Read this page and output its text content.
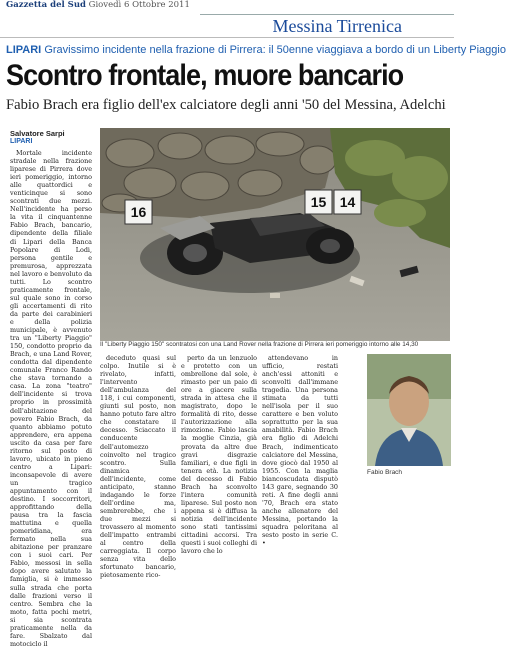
Gazzetta del Sud Giovedì 6 Ottobre 2011
Messina Tirrenica
LIPARI Gravissimo incidente nella frazione di Pirrera: il 50enne viaggiava a bordo di un Liberty Piaggio
Scontro frontale, muore bancario
Fabio Brach era figlio dell'ex calciatore degli anni '50 del Messina, Adelchi
Salvatore Sarpi
LIPARI

Mortale incidente stradale nella frazione liparese di Pirrera dove ieri pomeriggio, intorno alle quattordici e venticinque si sono scontrati due mezzi. Nell'incidente ha perso la vita il cinquantenne Fabio Brach, bancario, dipendente della filiale di Lipari della Banca Popolare di Lodi, persona gentile e premurosa, apprezzata nel lavoro e benvoluto da tutti. Lo scontro praticamente frontale, sul quale sono in corso gli accertamenti di rito da parte dei carabinieri e della polizia municipale, è avvenuto tra un "Liberty Piaggio" 150, condotto proprio da Brach, e una Land Rover, condotta dal dipendente comunale Franco Rando che stava tornando a casa. La zona "teatro" dell'incidente si trova proprio in prossimità dell'abitazione del povero Fabio Brach, da quanto abbiamo potuto apprendere, era appena uscito da casa per fare ritorno sul posto di lavoro, ubicato in pieno centro a Lipari: inconsapevole di avere un tragico appuntamento con il destino. I soccorritori, approfittando della pausa tra la fascia mattutina e quella pomeridiana, era fermato nella sua abitazione per pranzare con i suoi cari. Per Fabio, messosi in sella dopo avere salutato la famiglia, si è immesso sulla strada che porta dalle frazioni verso il centro. Sembra che la moto, fatta pochi metri, si sia scontrata praticamente nella da fare. Sbalzato dal motociclo il

deceduto quasi sul colpo. Inutile si è rivelato, infatti, l'intervento dell'ambulanza del 118, i cui componenti, giunti sul posto, non hanno potuto fare altro che constatare il decesso. Sciaccato il conducente dell'automezzo coinvolto nel tragico scontro. Sulla dinamica dell'incidente, come anticipato, stanno indagando le forze dell'ordine ma, sembrerebbe, che i due mezzi si trovassero al momento dell'impatto entrambi al centro della carreggiata. Il corpo senza vita dello sfortunato bancario, pietosamente rico-

perto da un lenzuolo e protetto con un ombrellone dal sole, è rimasto per un paio di ore a giacere sulla strada in attesa che il magistrato, dopo le formalità di rito, desse l'autorizzazione alla rimozione. Fabio lascia la moglie Cinzia, già provata da altre due gravi disgrazie familiari, e due figli in tenera età. La notizia del decesso di Fabio Brach ha sconvolto l'intera comunità liparese. Sul posto non appena si è diffusa la notizia dell'incidente sono stati tantissimi cittadini accorsi. Tra questi i suoi colleghi di lavoro che lo

attendevano in ufficio, restati anch'essi attoniti e sconvolti dall'immane tragedia. Una persona stimata da tutti nell'isola per il suo carattere e ben voluto soprattutto per la sua amabilità. Fabio Brach era figlio di Adelchi Brach, indimenticato calciatore del Messina, dove giocò dal 1950 al 1955. Con la maglia biancoscudata disputò 143 gare, segnando 30 reti. A fine degli anni '70, Brach era stato anche allenatore del Messina, portando la squadra peloritana al sesto posto in serie C. •

16
15 14
Il "Liberty Piaggio 150" scontratosi con una Land Rover nella frazione di Pirrera ieri pomeriggio intorno alle 14,30
Fabio Brach
